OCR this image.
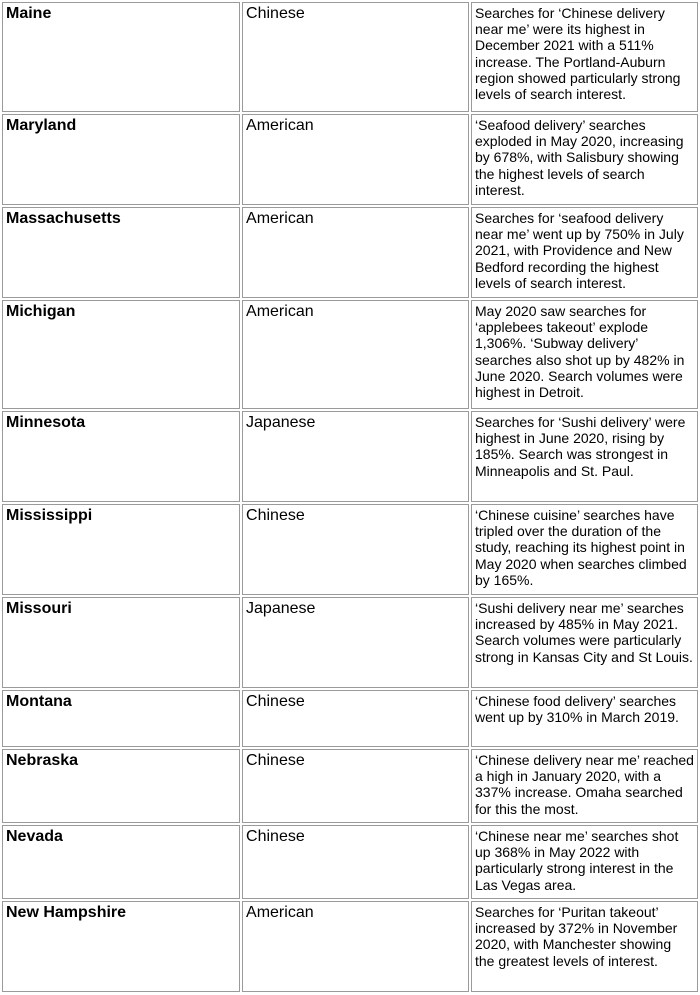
Maine	Chinese	Searches for ‘Chinese delivery near me’ were its highest in December 2021 with a 511% increase. The Portland-Auburn region showed particularly strong levels of search interest.
Maryland	American	‘Seafood delivery’ searches exploded in May 2020, increasing by 678%, with Salisbury showing the highest levels of search interest.
Massachusetts	American	Searches for ‘seafood delivery near me’ went up by 750% in July 2021, with Providence and New Bedford recording the highest levels of search interest.
Michigan	American	May 2020 saw searches for ‘applebees takeout’ explode 1,306%. ‘Subway delivery’ searches also shot up by 482% in June 2020. Search volumes were highest in Detroit.
Minnesota	Japanese	Searches for ‘Sushi delivery’ were highest in June 2020, rising by 185%. Search was strongest in Minneapolis and St. Paul.
Mississippi	Chinese	‘Chinese cuisine’ searches have tripled over the duration of the study, reaching its highest point in May 2020 when searches climbed by 165%.
Missouri	Japanese	‘Sushi delivery near me’ searches increased by 485% in May 2021. Search volumes were particularly strong in Kansas City and St Louis.
Montana	Chinese	‘Chinese food delivery’ searches went up by 310% in March 2019.
Nebraska	Chinese	‘Chinese delivery near me’ reached a high in January 2020, with a 337% increase. Omaha searched for this the most.
Nevada	Chinese	‘Chinese near me’ searches shot up 368% in May 2022 with particularly strong interest in the Las Vegas area.
New Hampshire	American	Searches for ‘Puritan takeout’ increased by 372% in November 2020, with Manchester showing the greatest levels of interest.
